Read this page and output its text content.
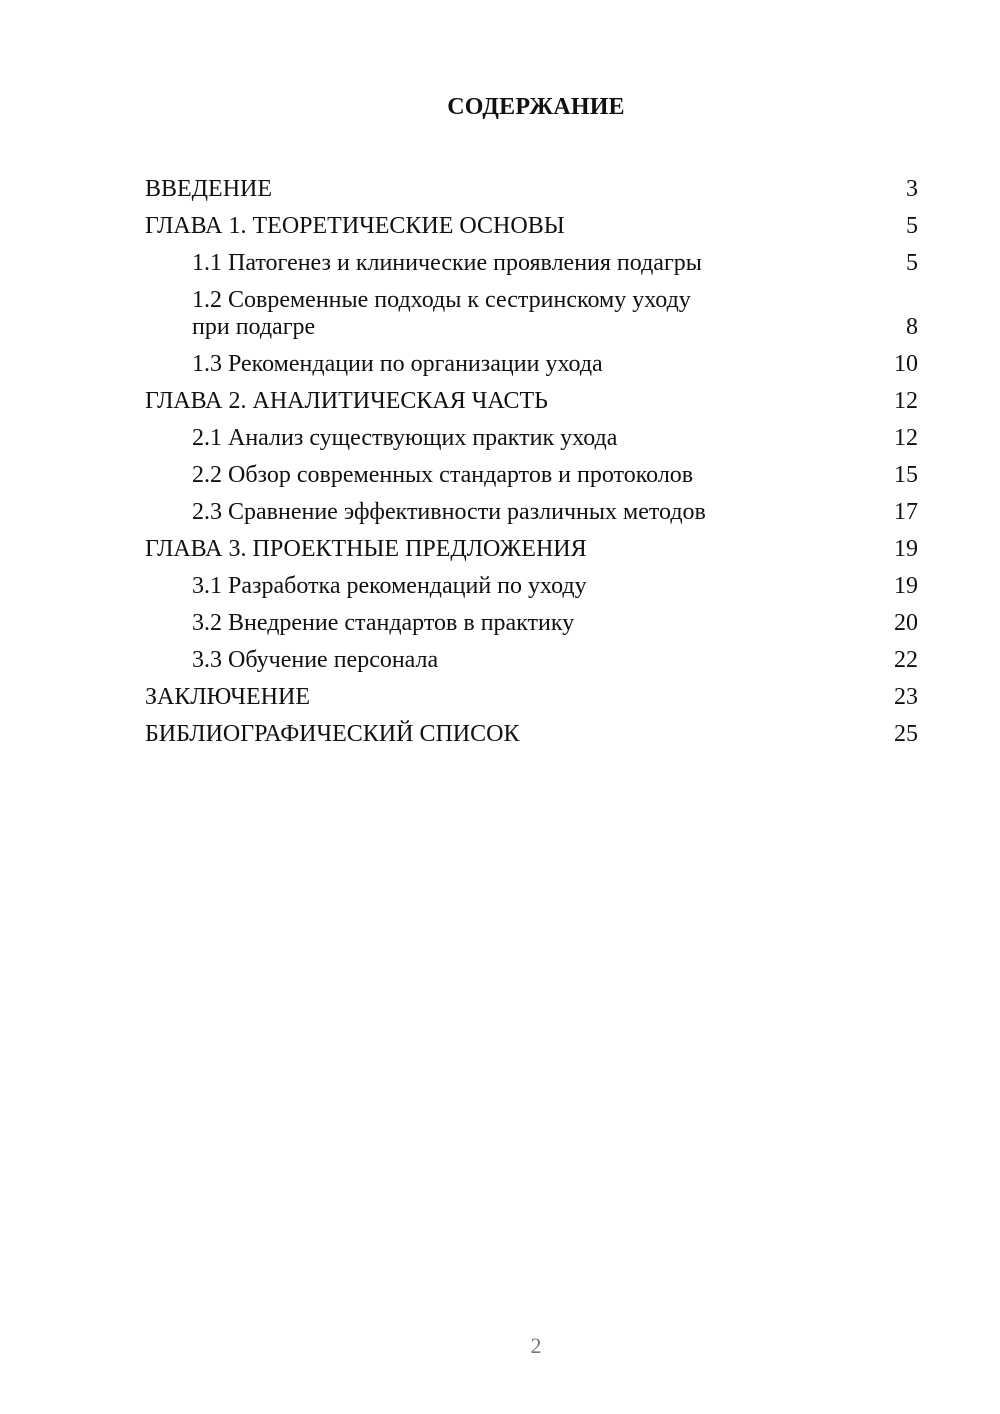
СОДЕРЖАНИЕ
ВВЕДЕНИЕ	3
ГЛАВА 1. ТЕОРЕТИЧЕСКИЕ ОСНОВЫ	5
1.1 Патогенез и клинические проявления подагры	5
1.2 Современные подходы к сестринскому уходу при подагре	8
1.3 Рекомендации по организации ухода	10
ГЛАВА 2. АНАЛИТИЧЕСКАЯ ЧАСТЬ	12
2.1 Анализ существующих практик ухода	12
2.2 Обзор современных стандартов и протоколов	15
2.3 Сравнение эффективности различных методов	17
ГЛАВА 3. ПРОЕКТНЫЕ ПРЕДЛОЖЕНИЯ	19
3.1 Разработка рекомендаций по уходу	19
3.2 Внедрение стандартов в практику	20
3.3 Обучение персонала	22
ЗАКЛЮЧЕНИЕ	23
БИБЛИОГРАФИЧЕСКИЙ СПИСОК	25
2
